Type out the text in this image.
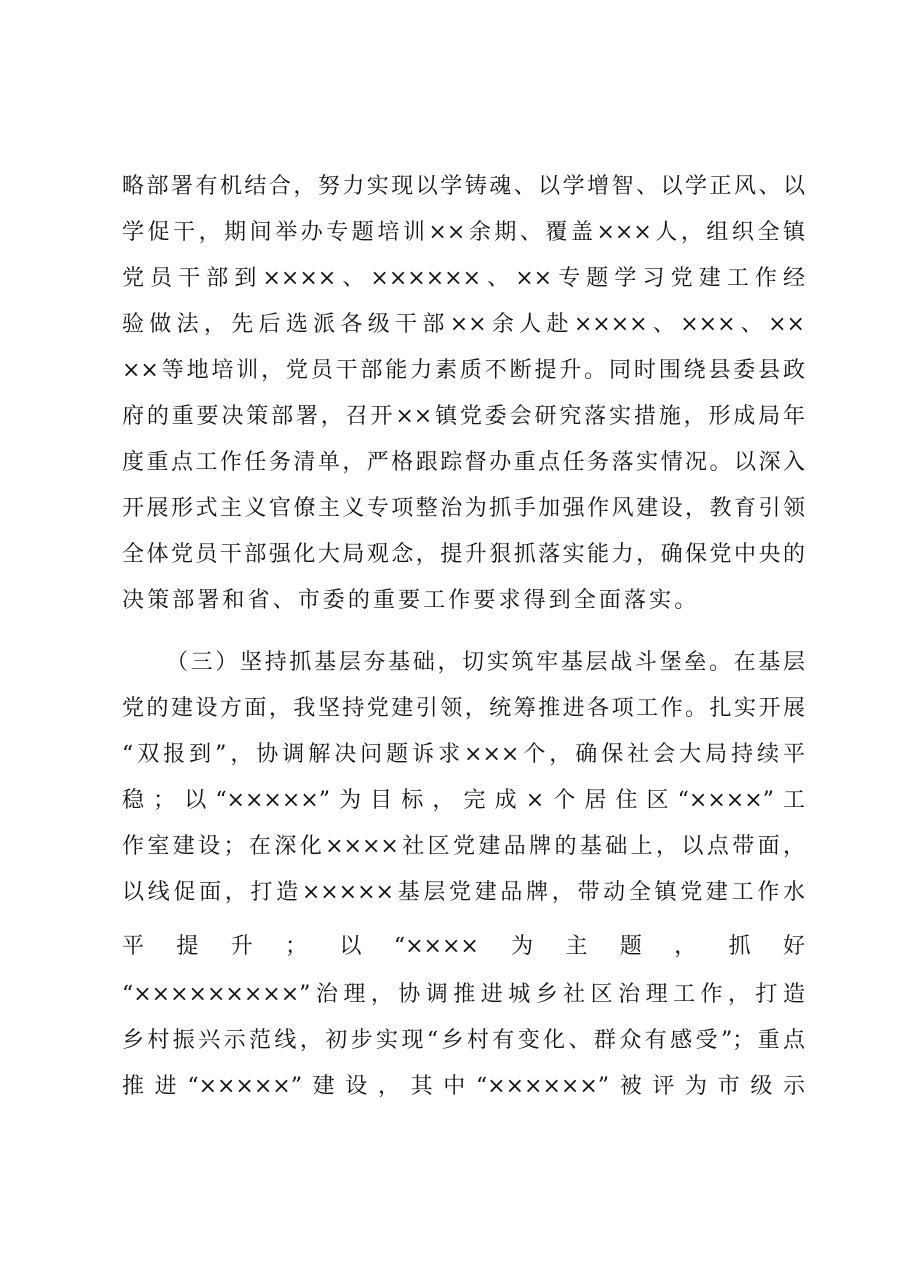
略部署有机结合，努力实现以学铸魂、以学增智、以学正风、以
学促干，期间举办专题培训××余期、覆盖×××人，组织全镇
党员干部到××××、××××××、××专题学习党建工作经
验做法，先后选派各级干部××余人赴××××、×××、××
××等地培训，党员干部能力素质不断提升。同时围绕县委县政
府的重要决策部署，召开××镇党委会研究落实措施，形成局年
度重点工作任务清单，严格跟踪督办重点任务落实情况。以深入
开展形式主义官僚主义专项整治为抓手加强作风建设，教育引领
全体党员干部强化大局观念，提升狠抓落实能力，确保党中央的
决策部署和省、市委的重要工作要求得到全面落实。
（三）坚持抓基层夯基础，切实筑牢基层战斗堡垒。在基层
党的建设方面，我坚持党建引领，统筹推进各项工作。扎实开展
“双报到”，协调解决问题诉求×××个，确保社会大局持续平
稳；以“×××××”为目标，完成×个居住区“××××”工
作室建设；在深化××××社区党建品牌的基础上，以点带面，
以线促面，打造×××××基层党建品牌，带动全镇党建工作水
平提升；以“××××为主题，抓好
“×××××××××”治理，协调推进城乡社区治理工作，打造
乡村振兴示范线，初步实现“乡村有变化、群众有感受”；重点
推进“×××××”建设，其中“××××××”被评为市级示
